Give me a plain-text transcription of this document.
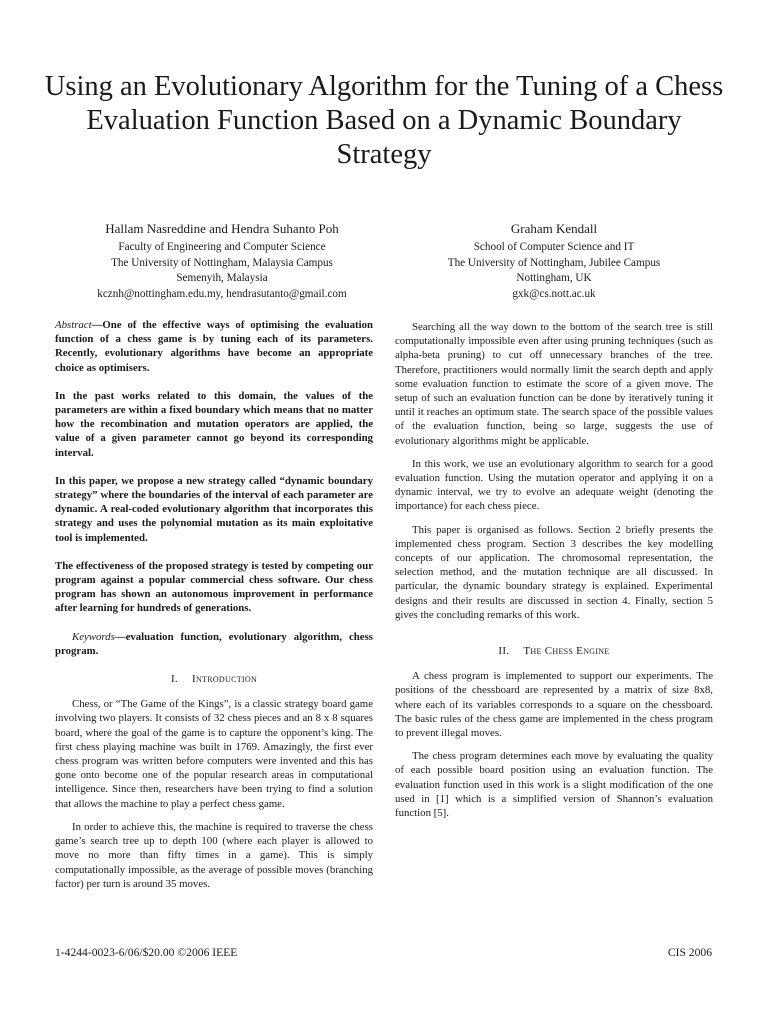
Using an Evolutionary Algorithm for the Tuning of a Chess Evaluation Function Based on a Dynamic Boundary Strategy
Hallam Nasreddine and Hendra Suhanto Poh
Faculty of Engineering and Computer Science
The University of Nottingham, Malaysia Campus
Semenyih, Malaysia
kcznh@nottingham.edu.my, hendrasutanto@gmail.com
Graham Kendall
School of Computer Science and IT
The University of Nottingham, Jubilee Campus
Nottingham, UK
gxk@cs.nott.ac.uk

Abstract—One of the effective ways of optimising the evaluation function of a chess game is by tuning each of its parameters. Recently, evolutionary algorithms have become an appropriate choice as optimisers.

In the past works related to this domain, the values of the parameters are within a fixed boundary which means that no matter how the recombination and mutation operators are applied, the value of a given parameter cannot go beyond its corresponding interval.

In this paper, we propose a new strategy called “dynamic boundary strategy” where the boundaries of the interval of each parameter are dynamic. A real-coded evolutionary algorithm that incorporates this strategy and uses the polynomial mutation as its main exploitative tool is implemented.

The effectiveness of the proposed strategy is tested by competing our program against a popular commercial chess software. Our chess program has shown an autonomous improvement in performance after learning for hundreds of generations.

Keywords—evaluation function, evolutionary algorithm, chess program.

I. Introduction

Chess, or “The Game of the Kings”, is a classic strategy board game involving two players. It consists of 32 chess pieces and an 8 x 8 squares board, where the goal of the game is to capture the opponent’s king. The first chess playing machine was built in 1769. Amazingly, the first ever chess program was written before computers were invented and this has gone onto become one of the popular research areas in computational intelligence. Since then, researchers have been trying to find a solution that allows the machine to play a perfect chess game.

In order to achieve this, the machine is required to traverse the chess game’s search tree up to depth 100 (where each player is allowed to move no more than fifty times in a game). This is simply computationally impossible, as the average of possible moves (branching factor) per turn is around 35 moves.

Searching all the way down to the bottom of the search tree is still computationally impossible even after using pruning techniques (such as alpha-beta pruning) to cut off unnecessary branches of the tree. Therefore, practitioners would normally limit the search depth and apply some evaluation function to estimate the score of a given move. The setup of such an evaluation function can be done by iteratively tuning it until it reaches an optimum state. The search space of the possible values of the evaluation function, being so large, suggests the use of evolutionary algorithms might be applicable.

In this work, we use an evolutionary algorithm to search for a good evaluation function. Using the mutation operator and applying it on a dynamic interval, we try to evolve an adequate weight (denoting the importance) for each chess piece.

This paper is organised as follows. Section 2 briefly presents the implemented chess program. Section 3 describes the key modelling concepts of our application. The chromosomal representation, the selection method, and the mutation technique are all discussed. In particular, the dynamic boundary strategy is explained. Experimental designs and their results are discussed in section 4. Finally, section 5 gives the concluding remarks of this work.

II. The Chess Engine

A chess program is implemented to support our experiments. The positions of the chessboard are represented by a matrix of size 8x8, where each of its variables corresponds to a square on the chessboard. The basic rules of the chess game are implemented in the chess program to prevent illegal moves.

The chess program determines each move by evaluating the quality of each possible board position using an evaluation function. The evaluation function used in this work is a slight modification of the one used in [1] which is a simplified version of Shannon’s evaluation function [5].

1-4244-0023-6/06/$20.00 ©2006 IEEE	CIS 2006
